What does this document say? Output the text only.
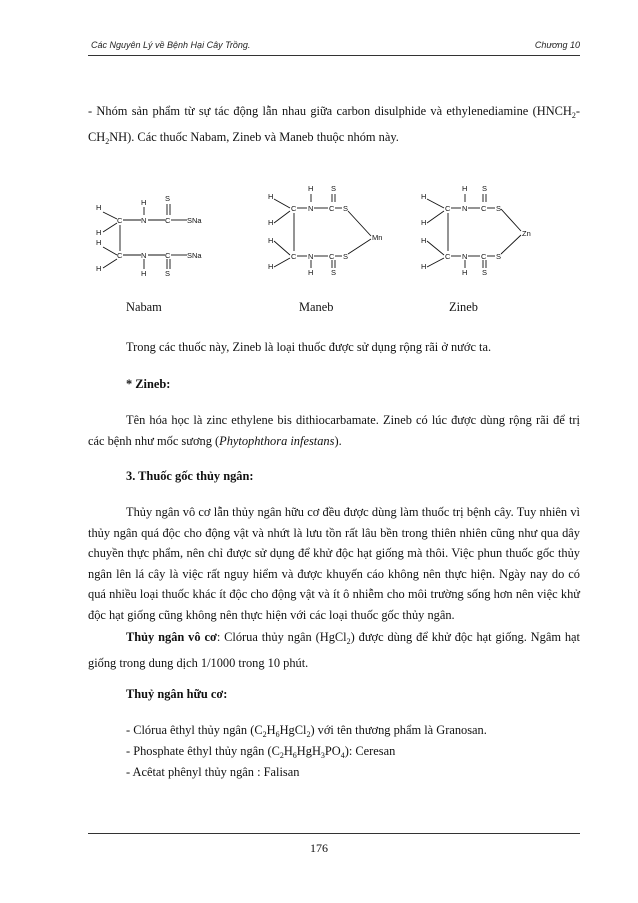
Các Nguyên Lý về Bệnh Hại Cây Trồng.	Chương 10
- Nhóm sản phẩm từ sự tác động lẫn nhau giữa carbon disulphide và ethylenediamine $(HNCH_2-CH_2NH)$. Các thuốc Nabam, Zineb và Maneb thuộc nhóm này.
H
H
S
C N C SNa
H
H
C N C SNa
H
H
S
H
H S
H
C N C S
Mn
H
H
C N C S
H S
H
H S
H
C N C S
Zn
H
H
C N C S
H S
Nabam	Maneb	Zineb
Trong các thuốc này, Zineb là loại thuốc được sử dụng rộng rãi ở nước ta.
* Zineb:
Tên hóa học là zinc ethylene bis dithiocarbamate. Zineb có lúc được dùng rộng rãi để trị các bệnh như mốc sương (Phytophthora infestans).
3. Thuốc gốc thủy ngân:
Thủy ngân vô cơ lẫn thủy ngân hữu cơ đều được dùng làm thuốc trị bệnh cây. Tuy nhiên vì thủy ngân quá độc cho động vật và nhứt là lưu tồn rất lâu bền trong thiên nhiên cũng như qua dây chuyền thực phẩm, nên chỉ được sử dụng để khử độc hạt giống mà thôi. Việc phun thuốc gốc thủy ngân lên lá cây là việc rất nguy hiểm và được khuyến cáo không nên thực hiện. Ngày nay do có quá nhiều loại thuốc khác ít độc cho động vật và ít ô nhiễm cho môi trường sống hơn nên việc khử độc hạt giống cũng không nên thực hiện với các loại thuốc gốc thủy ngân.
Thủy ngân vô cơ: Clórua thủy ngân (HgCl$_2$) được dùng để khử độc hạt giống. Ngâm hạt giống trong dung dịch 1/1000 trong 10 phút.
Thuỷ ngân hữu cơ:
- Clórua êthyl thủy ngân $(C_2H_6HgCl_2)$ với tên thương phẩm là Granosan.
- Phosphate êthyl thủy ngân $(C_2H_6HgH_3PO_4)$: Ceresan
- Acêtat phênyl thủy ngân : Falisan
176
